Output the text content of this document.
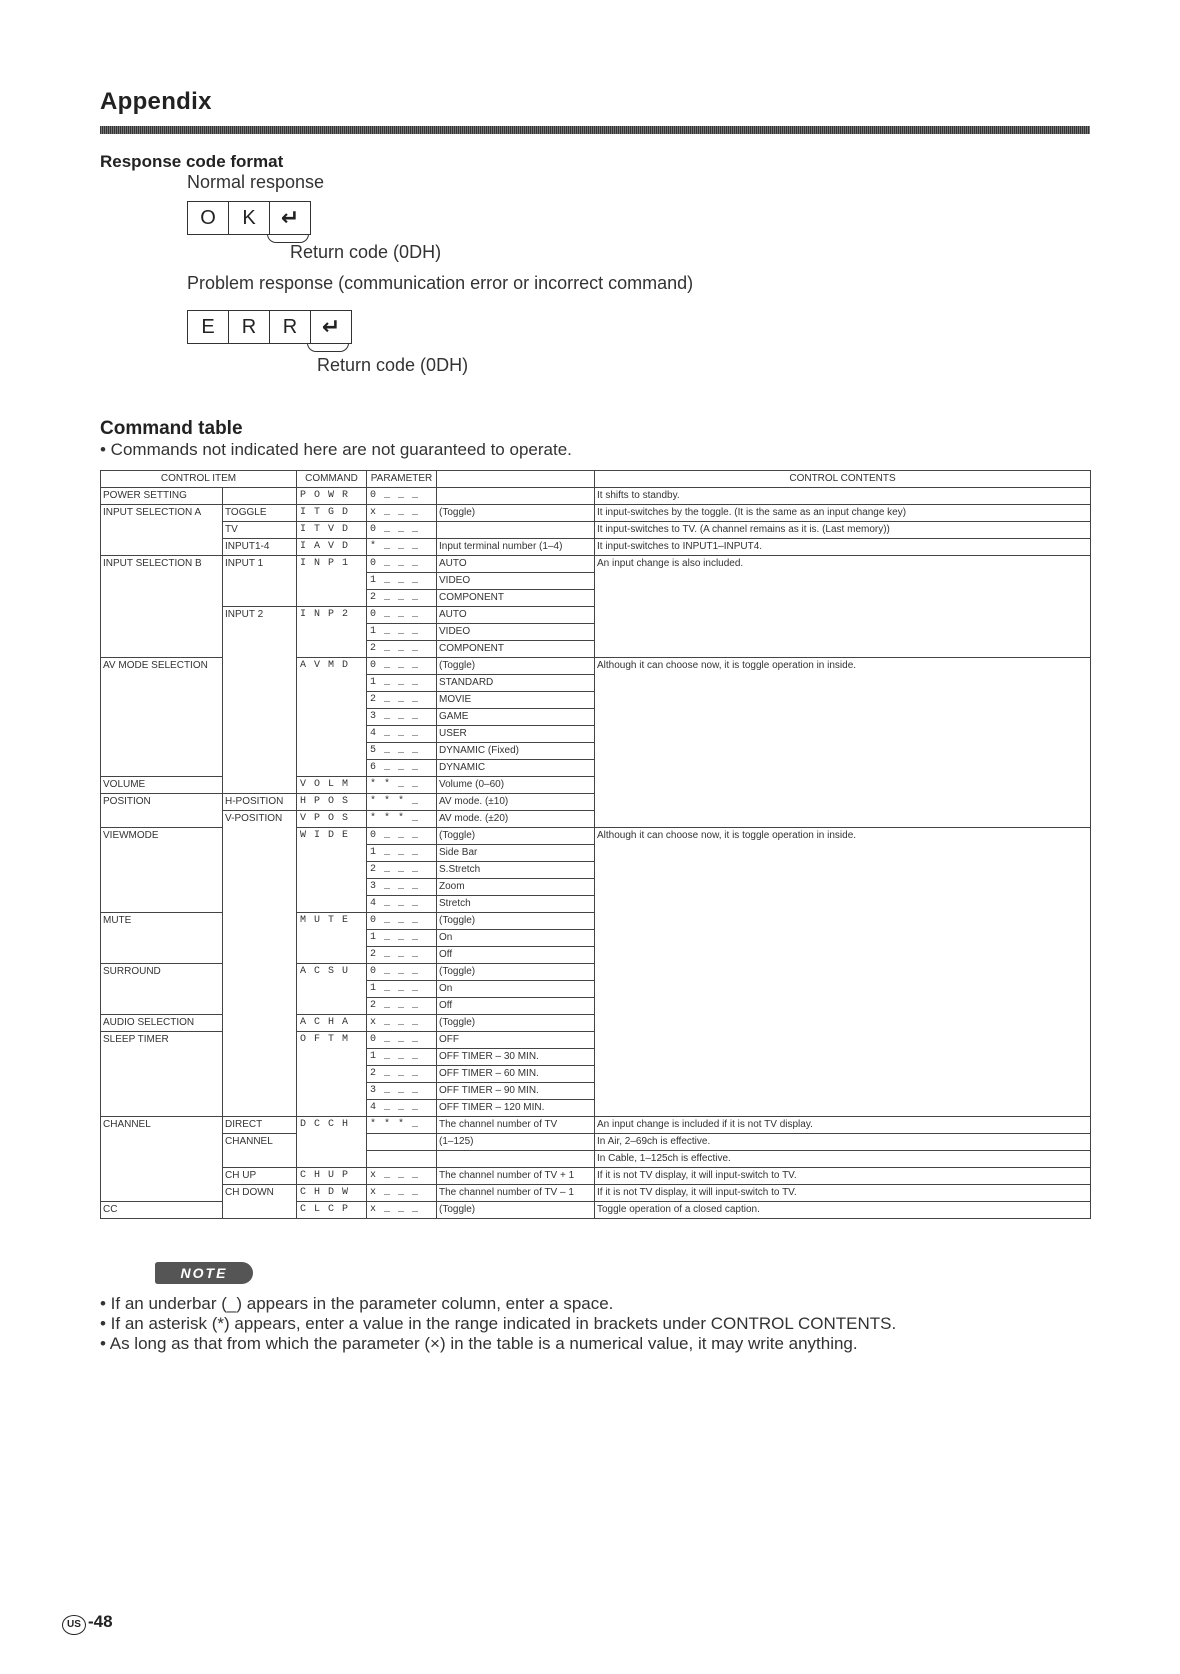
Appendix
Response code format
Normal response
O	K	↵
Return code (0DH)
Problem response (communication error or incorrect command)
E	R	R	↵
Return code (0DH)
Command table
• Commands not indicated here are not guaranteed to operate.
CONTROL ITEM		COMMAND	PARAMETER		CONTROL CONTENTS
POWER SETTING		P O W R	0 _ _ _		It shifts to standby.
INPUT SELECTION A	TOGGLE	I T G D	x _ _ _	(Toggle)	It input-switches by the toggle. (It is the same as an input change key)
	TV	I T V D	0 _ _ _		It input-switches to TV. (A channel remains as it is. (Last memory))
	INPUT1-4	I A V D	* _ _ _	Input terminal number (1–4)	It input-switches to INPUT1–INPUT4.
INPUT SELECTION B	INPUT 1	I N P 1	0 _ _ _	AUTO	An input change is also included.
			1 _ _ _	VIDEO	
			2 _ _ _	COMPONENT	
	INPUT 2	I N P 2	0 _ _ _	AUTO	
			1 _ _ _	VIDEO	
			2 _ _ _	COMPONENT	
AV MODE SELECTION		A V M D	0 _ _ _	(Toggle)	Although it can choose now, it is toggle operation in inside.
			1 _ _ _	STANDARD	
			2 _ _ _	MOVIE	
			3 _ _ _	GAME	
			4 _ _ _	USER	
			5 _ _ _	DYNAMIC (Fixed)	
			6 _ _ _	DYNAMIC	
VOLUME		V O L M	* * _ _	Volume (0–60)	
POSITION	H-POSITION	H P O S	* * * _	AV mode. (±10)	
	V-POSITION	V P O S	* * * _	AV mode. (±20)	
VIEWMODE		W I D E	0 _ _ _	(Toggle)	Although it can choose now, it is toggle operation in inside.
			1 _ _ _	Side Bar	
			2 _ _ _	S.Stretch	
			3 _ _ _	Zoom	
			4 _ _ _	Stretch	
MUTE		M U T E	0 _ _ _	(Toggle)	
			1 _ _ _	On	
			2 _ _ _	Off	
SURROUND		A C S U	0 _ _ _	(Toggle)	
			1 _ _ _	On	
			2 _ _ _	Off	
AUDIO SELECTION		A C H A	x _ _ _	(Toggle)	
SLEEP TIMER		O F T M	0 _ _ _	OFF	
			1 _ _ _	OFF TIMER – 30 MIN.	
			2 _ _ _	OFF TIMER – 60 MIN.	
			3 _ _ _	OFF TIMER – 90 MIN.	
			4 _ _ _	OFF TIMER – 120 MIN.	
CHANNEL	DIRECT	D C C H	* * * _	The channel number of TV	An input change is included if it is not TV display.
	CHANNEL			(1–125)	In Air, 2–69ch is effective.
					In Cable, 1–125ch is effective.
	CH UP	C H U P	x _ _ _	The channel number of TV + 1	If it is not TV display, it will input-switch to TV.
	CH DOWN	C H D W	x _ _ _	The channel number of TV – 1	If it is not TV display, it will input-switch to TV.
CC		C L C P	x _ _ _	(Toggle)	Toggle operation of a closed caption.
NOTE
• If an underbar (_) appears in the parameter column, enter a space.
• If an asterisk (*) appears, enter a value in the range indicated in brackets under CONTROL CONTENTS.
• As long as that from which the parameter (×) in the table is a numerical value, it may write anything.
US -48
